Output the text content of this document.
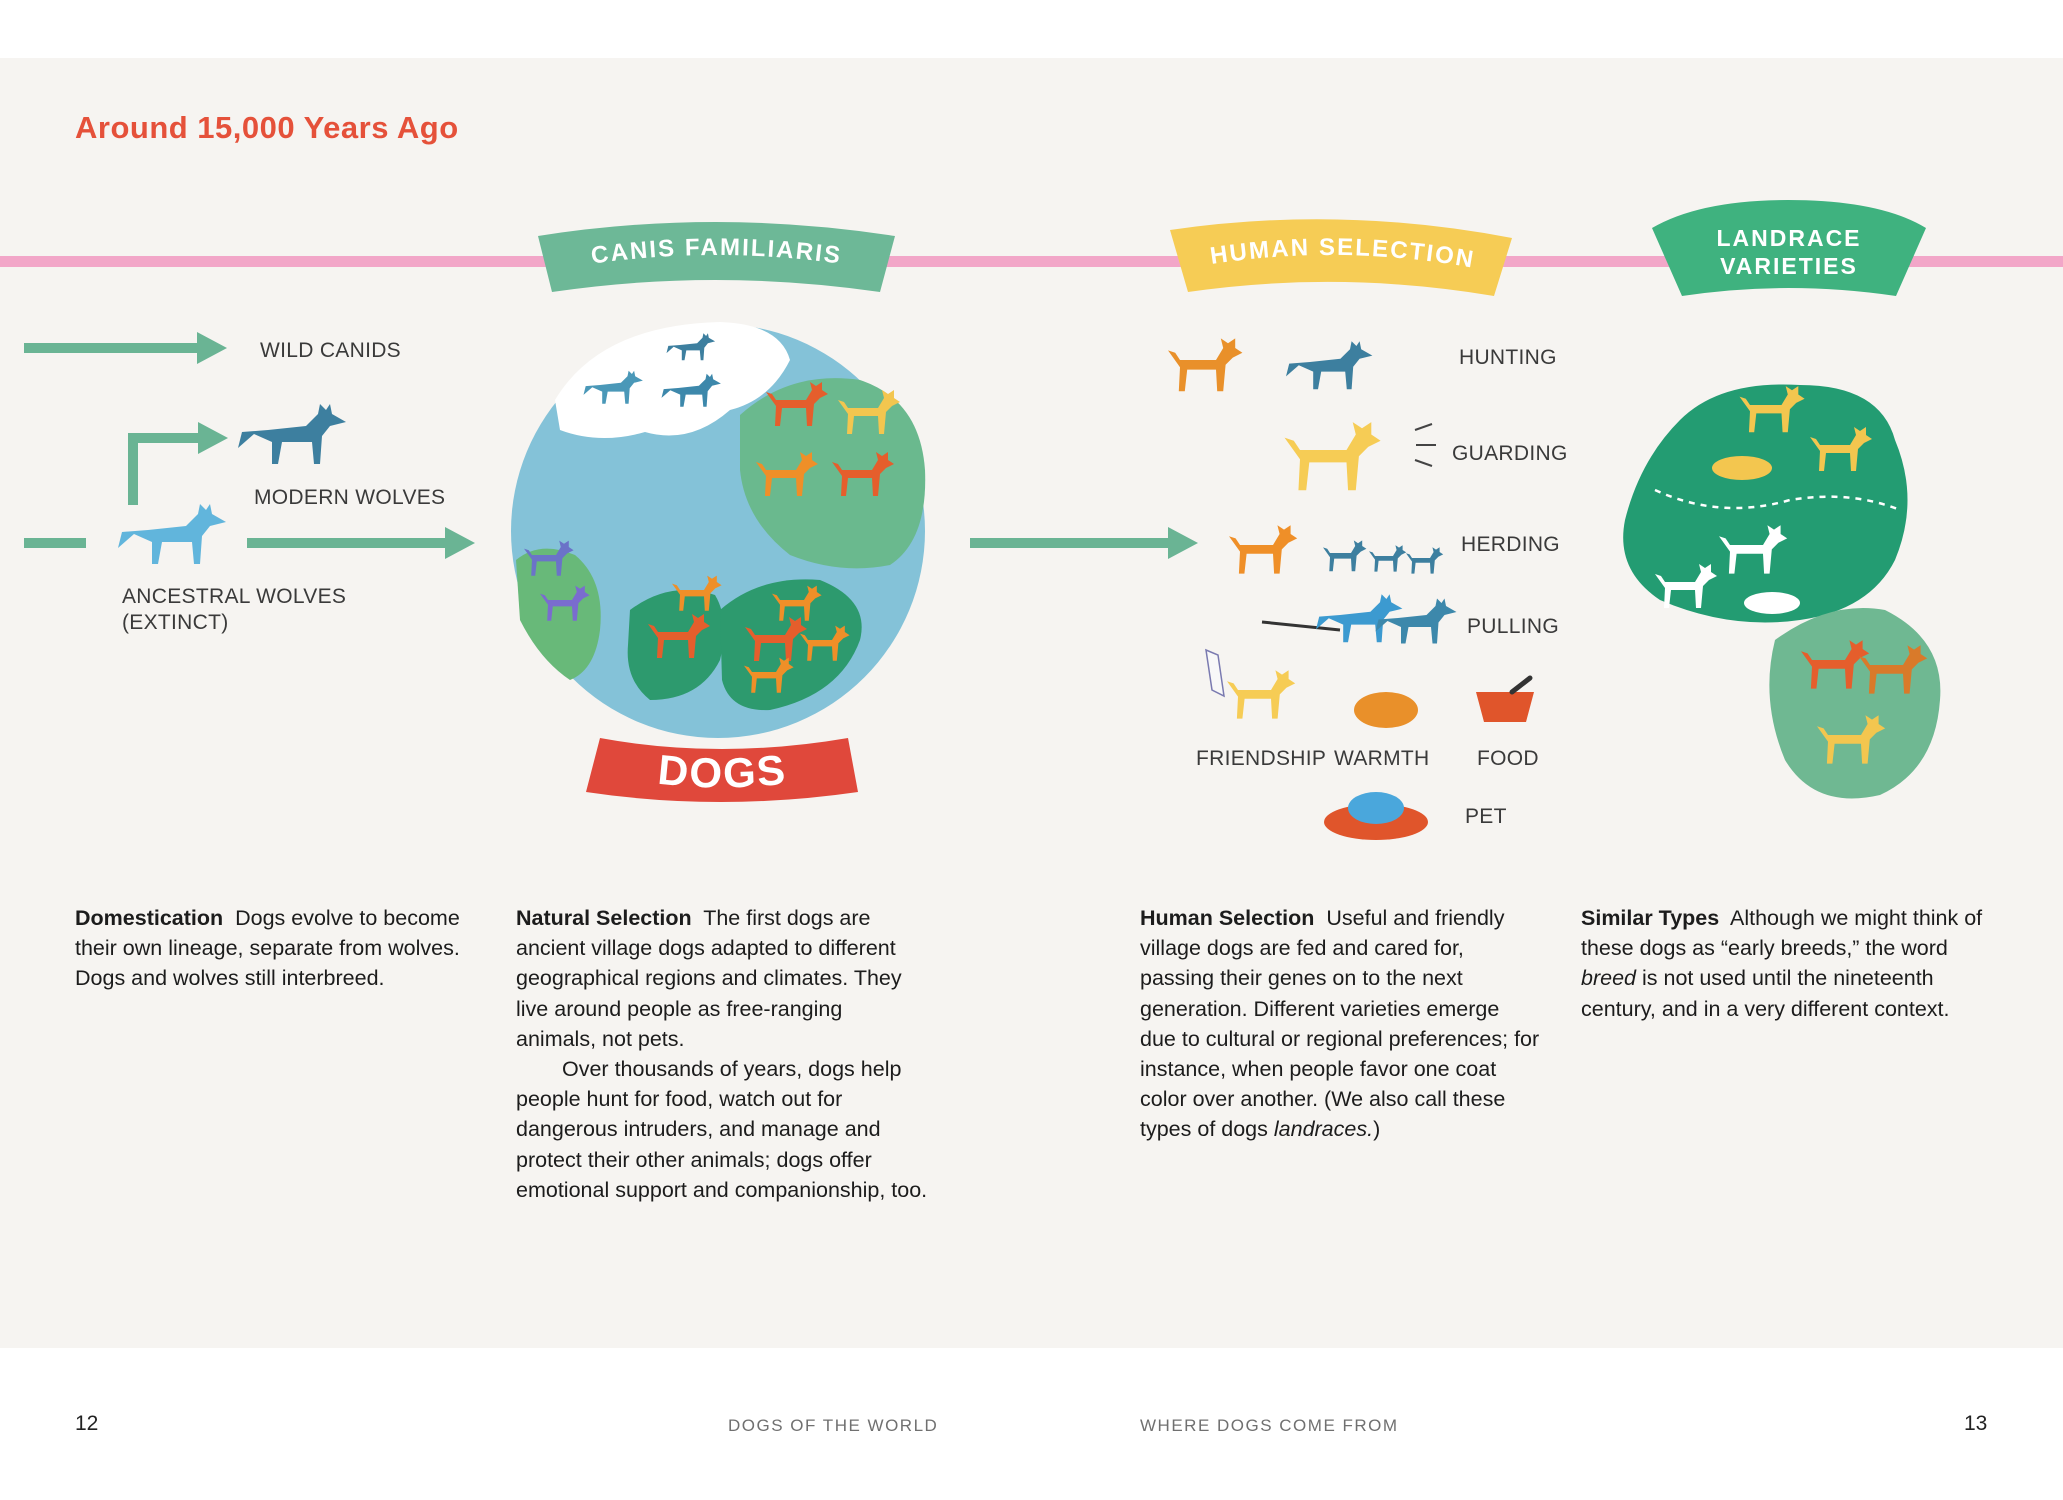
Around 15,000 Years Ago
CANIS FAMILIARIS
DOGS
HUMAN SELECTION
LANDRACE
VARIETIES
WILD CANIDS
MODERN WOLVES
ANCESTRAL WOLVES
(EXTINCT)
HUNTING
GUARDING
HERDING
PULLING
FRIENDSHIP WARMTH FOOD
PET
Domestication Dogs evolve to become their own lineage, separate from wolves. Dogs and wolves still interbreed.
Natural Selection The first dogs are ancient village dogs adapted to different geographical regions and climates. They live around people as free-ranging animals, not pets.
Over thousands of years, dogs help people hunt for food, watch out for dangerous intruders, and manage and protect their other animals; dogs offer emotional support and companionship, too.
Human Selection Useful and friendly village dogs are fed and cared for, passing their genes on to the next generation. Different varieties emerge due to cultural or regional preferences; for instance, when people favor one coat color over another. (We also call these types of dogs landraces.)
Similar Types Although we might think of these dogs as “early breeds,” the word breed is not used until the nineteenth century, and in a very different context.
12	DOGS OF THE WORLD	WHERE DOGS COME FROM	13
